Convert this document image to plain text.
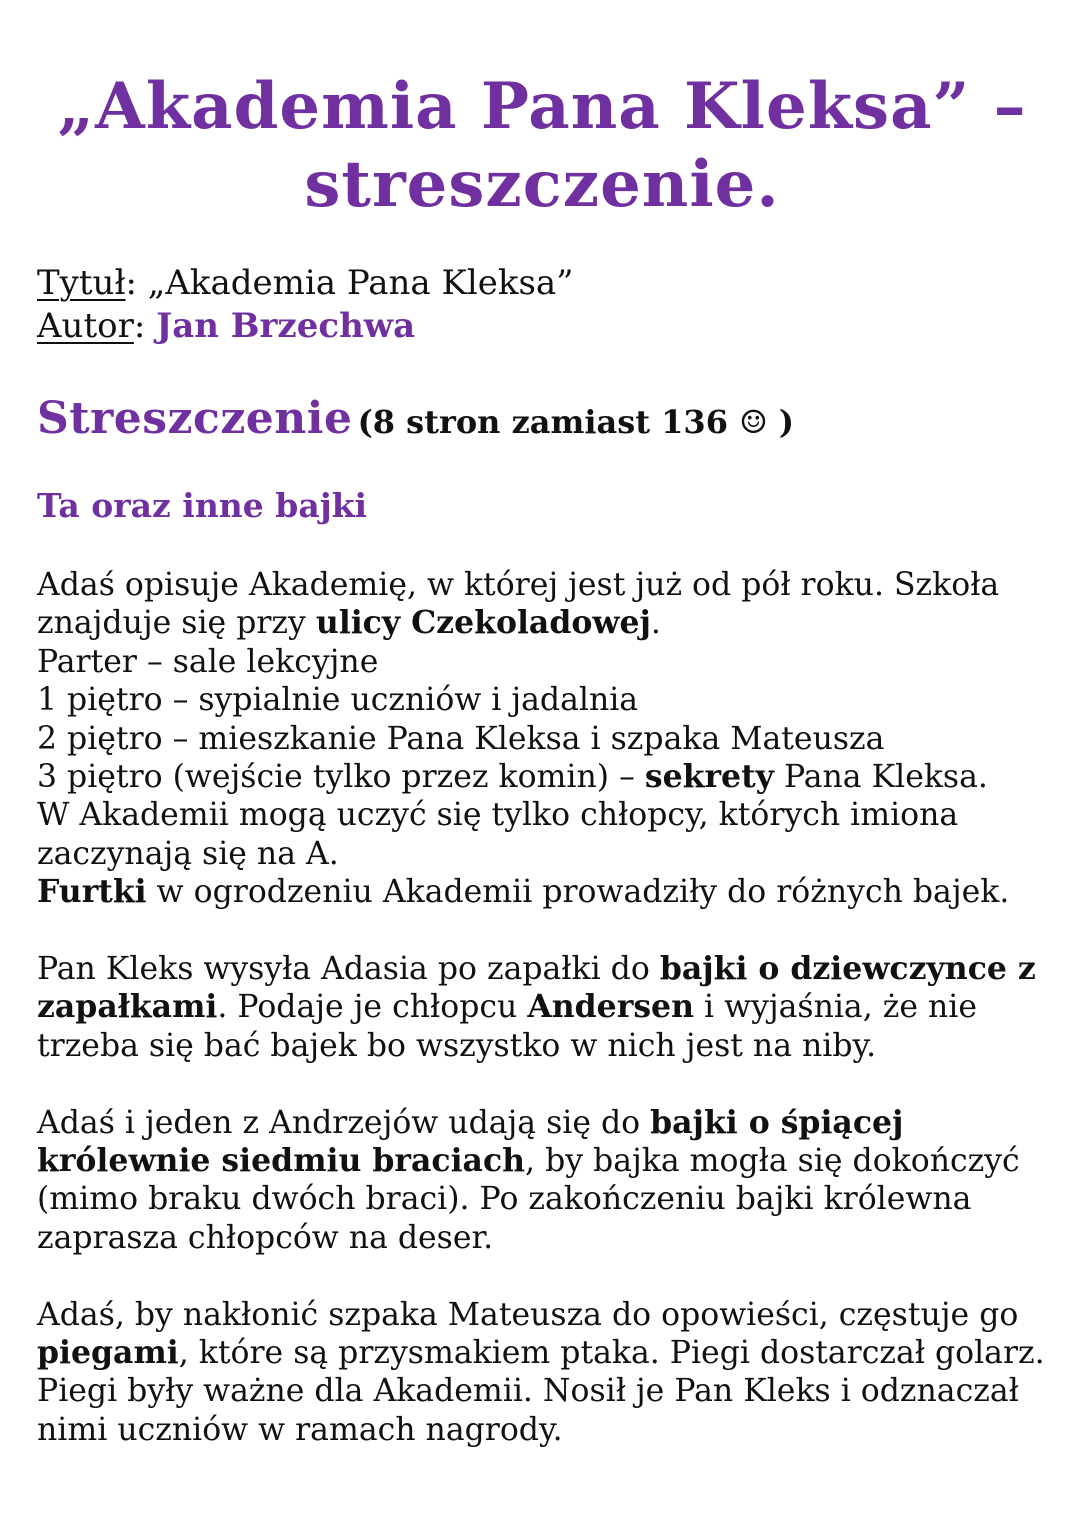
„Akademia Pana Kleksa” –
streszczenie.
Tytuł: „Akademia Pana Kleksa”
Autor: Jan Brzechwa
Streszczenie (8 stron zamiast 136 ☺ )
Ta oraz inne bajki

Adaś opisuje Akademię, w której jest już od pół roku. Szkoła
znajduje się przy ulicy Czekoladowej.
Parter – sale lekcyjne
1 piętro – sypialnie uczniów i jadalnia
2 piętro – mieszkanie Pana Kleksa i szpaka Mateusza
3 piętro (wejście tylko przez komin) – sekrety Pana Kleksa.
W Akademii mogą uczyć się tylko chłopcy, których imiona
zaczynają się na A.
Furtki w ogrodzeniu Akademii prowadziły do różnych bajek.

Pan Kleks wysyła Adasia po zapałki do bajki o dziewczynce z
zapałkami. Podaje je chłopcu Andersen i wyjaśnia, że nie
trzeba się bać bajek bo wszystko w nich jest na niby.

Adaś i jeden z Andrzejów udają się do bajki o śpiącej
królewnie siedmiu braciach, by bajka mogła się dokończyć
(mimo braku dwóch braci). Po zakończeniu bajki królewna
zaprasza chłopców na deser.

Adaś, by nakłonić szpaka Mateusza do opowieści, częstuje go
piegami, które są przysmakiem ptaka. Piegi dostarczał golarz.
Piegi były ważne dla Akademii. Nosił je Pan Kleks i odznaczał
nimi uczniów w ramach nagrody.
